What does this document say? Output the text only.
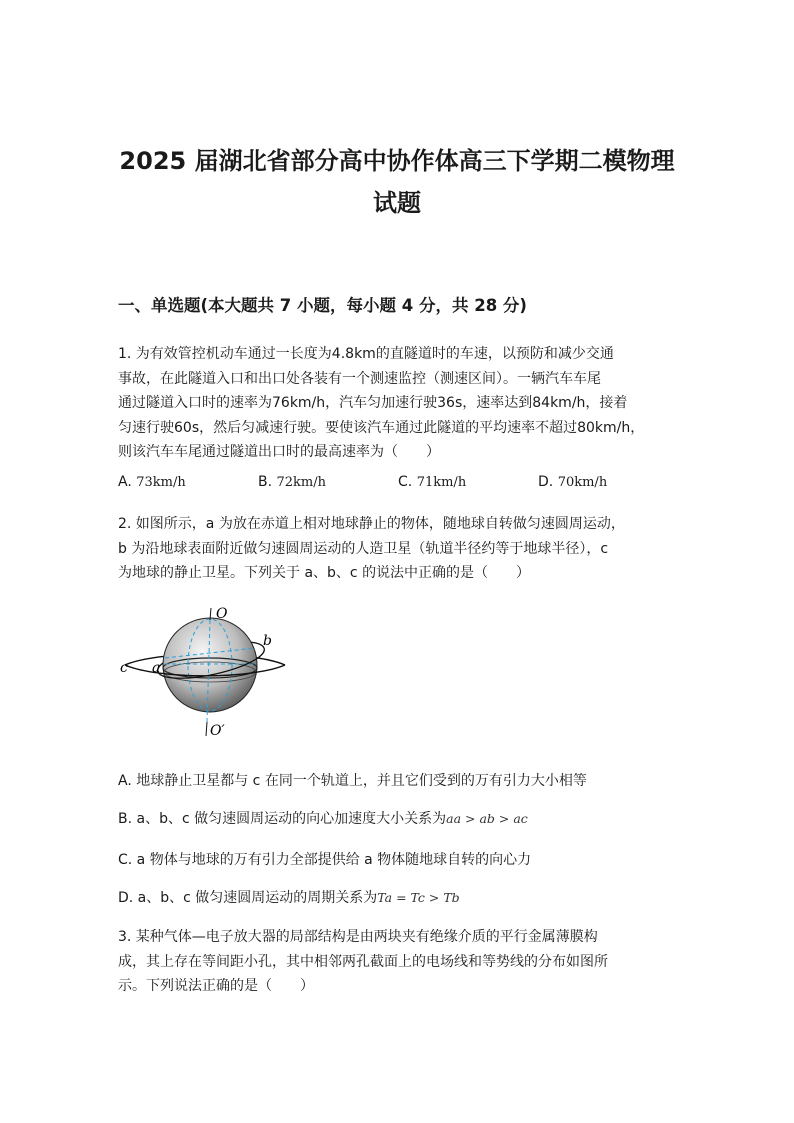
2025 届湖北省部分高中协作体高三下学期二模物理
试题
一、单选题(本大题共 7 小题，每小题 4 分，共 28 分)
1. 为有效管控机动车通过一长度为4.8km的直隧道时的车速，以预防和减少交通
事故，在此隧道入口和出口处各装有一个测速监控（测速区间）。一辆汽车车尾
通过隧道入口时的速率为76km/h，汽车匀加速行驶36s，速率达到84km/h，接着
匀速行驶60s，然后匀减速行驶。要使该汽车通过此隧道的平均速率不超过80km/h，
则该汽车车尾通过隧道出口时的最高速率为（　　）
A. 73km/h	B. 72km/h	C. 71km/h	D. 70km/h
2. 如图所示，a 为放在赤道上相对地球静止的物体，随地球自转做匀速圆周运动，
b 为沿地球表面附近做匀速圆周运动的人造卫星（轨道半径约等于地球半径），c
为地球的静止卫星。下列关于 a、b、c 的说法中正确的是（　　）
O
O′
a
b
c
A. 地球静止卫星都与 c 在同一个轨道上，并且它们受到的万有引力大小相等
B. a、b、c 做匀速圆周运动的向心加速度大小关系为aa > ab > ac
C. a 物体与地球的万有引力全部提供给 a 物体随地球自转的向心力
D. a、b、c 做匀速圆周运动的周期关系为Ta = Tc > Tb
3. 某种气体—电子放大器的局部结构是由两块夹有绝缘介质的平行金属薄膜构
成，其上存在等间距小孔，其中相邻两孔截面上的电场线和等势线的分布如图所
示。下列说法正确的是（　　）
